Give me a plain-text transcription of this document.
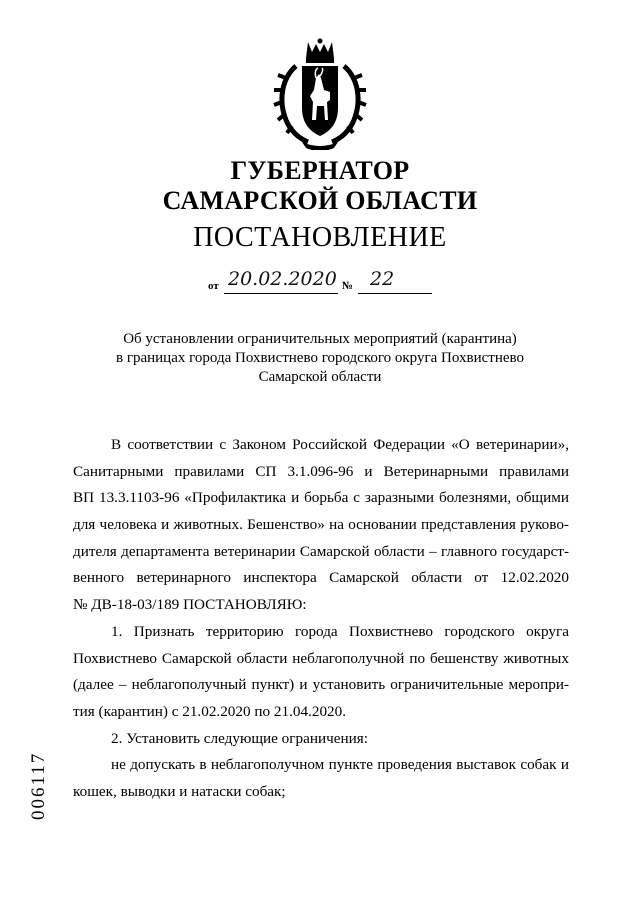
ГУБЕРНАТОР
САМАРСКОЙ ОБЛАСТИ
ПОСТАНОВЛЕНИЕ
от 20.02.2020 № 22
Об установлении ограничительных мероприятий (карантина)
в границах города Похвистнево городского округа Похвистнево
Самарской области
В соответствии с Законом Российской Федерации «О ветеринарии»,
Санитарными правилами СП 3.1.096-96 и Ветеринарными правилами
ВП 13.3.1103-96 «Профилактика и борьба с заразными болезнями, общими
для человека и животных. Бешенство» на основании представления руково-
дителя департамента ветеринарии Самарской области – главного государст-
венного ветеринарного инспектора Самарской области от 12.02.2020
№ ДВ-18-03/189 ПОСТАНОВЛЯЮ:
1. Признать территорию города Похвистнево городского округа
Похвистнево Самарской области неблагополучной по бешенству животных
(далее – неблагополучный пункт) и установить ограничительные меропри-
тия (карантин) с 21.02.2020 по 21.04.2020.
2. Установить следующие ограничения:
не допускать в неблагополучном пункте проведения выставок собак и
кошек, выводки и натаски собак;
006117
